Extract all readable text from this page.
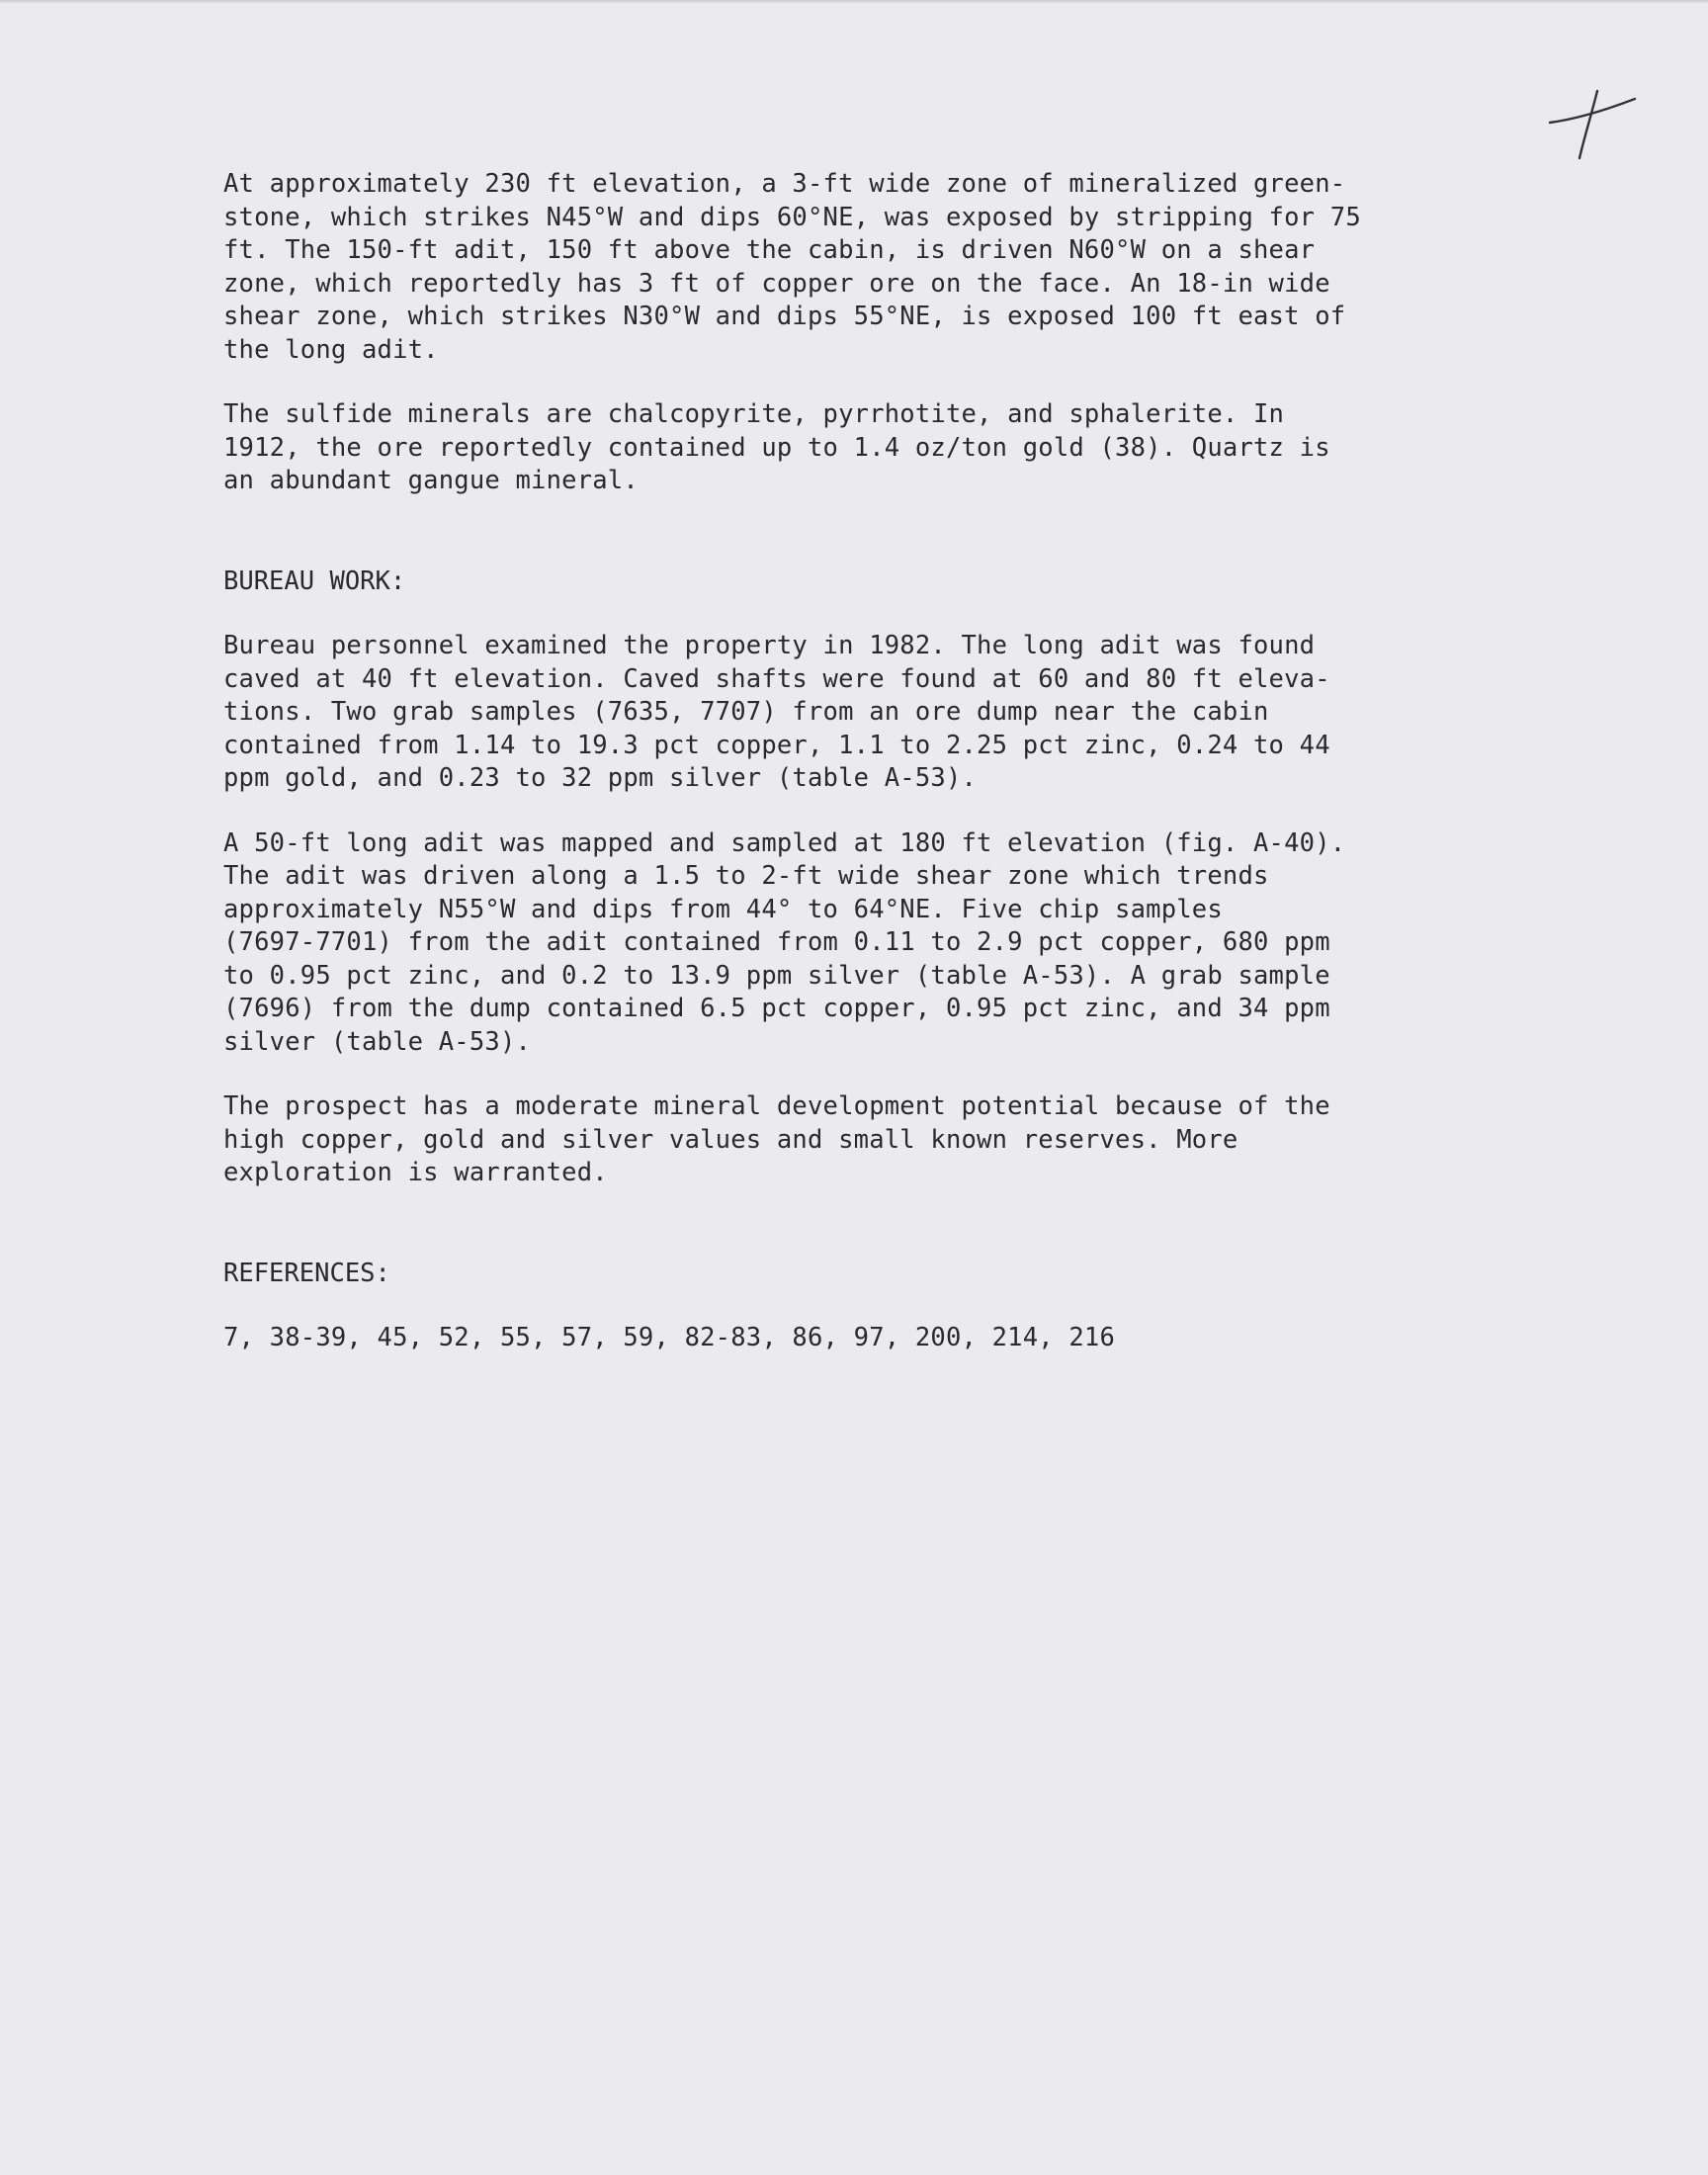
At approximately 230 ft elevation, a 3-ft wide zone of mineralized green-
stone, which strikes N45°W and dips 60°NE, was exposed by stripping for 75
ft. The 150-ft adit, 150 ft above the cabin, is driven N60°W on a shear
zone, which reportedly has 3 ft of copper ore on the face. An 18-in wide
shear zone, which strikes N30°W and dips 55°NE, is exposed 100 ft east of
the long adit.

The sulfide minerals are chalcopyrite, pyrrhotite, and sphalerite. In
1912, the ore reportedly contained up to 1.4 oz/ton gold (38). Quartz is
an abundant gangue mineral.

BUREAU WORK:

Bureau personnel examined the property in 1982. The long adit was found
caved at 40 ft elevation. Caved shafts were found at 60 and 80 ft eleva-
tions. Two grab samples (7635, 7707) from an ore dump near the cabin
contained from 1.14 to 19.3 pct copper, 1.1 to 2.25 pct zinc, 0.24 to 44
ppm gold, and 0.23 to 32 ppm silver (table A-53).

A 50-ft long adit was mapped and sampled at 180 ft elevation (fig. A-40).
The adit was driven along a 1.5 to 2-ft wide shear zone which trends
approximately N55°W and dips from 44° to 64°NE. Five chip samples
(7697-7701) from the adit contained from 0.11 to 2.9 pct copper, 680 ppm
to 0.95 pct zinc, and 0.2 to 13.9 ppm silver (table A-53). A grab sample
(7696) from the dump contained 6.5 pct copper, 0.95 pct zinc, and 34 ppm
silver (table A-53).

The prospect has a moderate mineral development potential because of the
high copper, gold and silver values and small known reserves. More
exploration is warranted.

REFERENCES:

7, 38-39, 45, 52, 55, 57, 59, 82-83, 86, 97, 200, 214, 216
